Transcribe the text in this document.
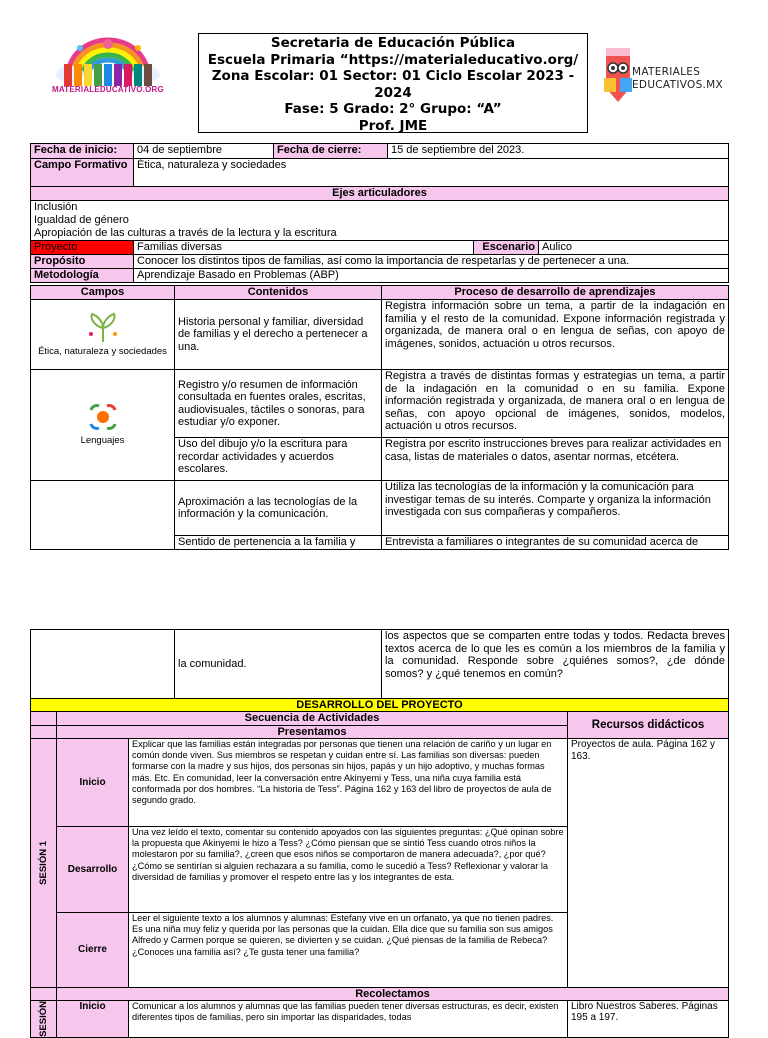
MATERIALEDUCATIVO.ORG
Secretaria de Educación Pública
Escuela Primaria “https://materialeducativo.org/
Zona Escolar: 01 Sector: 01 Ciclo Escolar 2023 -
2024
Fase: 5 Grado: 2° Grupo: “A”
Prof. JME
MATERIALES
EDUCATIVOS.MX
Fecha de inicio:	04 de septiembre	Fecha de cierre:	15 de septiembre del 2023.		
Campo Formativo	Ética, naturaleza y sociedades				
Ejes articuladores					

Inclusión
Igualdad de género
Apropiación de las culturas a través de la lectura y la escritura					

Proyecto	Familias diversas			Escenario	Aulico
Propósito	Conocer los distintos tipos de familias, así como la importancia de respetarlas y de pertenecer a una.				
Metodología	Aprendizaje Basado en Problemas (ABP)				
Campos	Contenidos	Proceso de desarrollo de aprendizajes

Ética, naturaleza y sociedades	Historia personal y familiar, diversidad de familias y el derecho a pertenecer a una.	Registra información sobre un tema, a partir de la indagación en familia y el resto de la comunidad. Expone información registrada y organizada, de manera oral o en lengua de señas, con apoyo de imágenes, sonidos, actuación u otros recursos.

Lenguajes	Registro y/o resumen de información consultada en fuentes orales, escritas, audiovisuales, táctiles o sonoras, para estudiar y/o exponer.	Registra a través de distintas formas y estrategias un tema, a partir de la indagación en la comunidad o en su familia. Expone información registrada y organizada, de manera oral o en lengua de señas, con apoyo opcional de imágenes, sonidos, modelos, actuación u otros recursos.
	Uso del dibujo y/o la escritura para recordar actividades y acuerdos escolares.	Registra por escrito instrucciones breves para realizar actividades en casa, listas de materiales o datos, asentar normas, etcétera.
	Aproximación a las tecnologías de la información y la comunicación.	Utiliza las tecnologías de la información y la comunicación para investigar temas de su interés. Comparte y organiza la información investigada con sus compañeras y compañeros.
	Sentido de pertenencia a la familia y	Entrevista a familiares o integrantes de su comunidad acerca de
	la comunidad.	los aspectos que se comparten entre todas y todos. Redacta breves textos acerca de lo que les es común a los miembros de la familia y la comunidad. Responde sobre ¿quiénes somos?, ¿de dónde somos? y ¿qué tenemos en común?
DESARROLLO DEL PROYECTO			
	Secuencia de Actividades		Recursos didácticos
	Presentamos		

SESIÓN 1	Inicio	Explicar que las familias están integradas por personas que tienen una relación de cariño y un lugar en común donde viven. Sus miembros se respetan y cuidan entre sí. Las familias son diversas: pueden formarse con la madre y sus hijos, dos personas sin hijos, papás y un hijo adoptivo, y muchas formas más. Etc. En comunidad, leer la conversación entre Akinyemi y Tess, una niña cuya familia está conformada por dos hombres. “La historia de Tess”. Página 162 y 163 del libro de proyectos de aula de segundo grado.	Proyectos de aula. Página 162 y 163.
	Desarrollo	Una vez leído el texto, comentar su contenido apoyados con las siguientes preguntas: ¿Qué opinan sobre la propuesta que Akinyemi le hizo a Tess? ¿Cómo piensan que se sintió Tess cuando otros niños la molestaron por su familia?, ¿creen que esos niños se comportaron de manera adecuada?, ¿por qué? ¿Cómo se sentirían si alguien rechazara a su familia, como le sucedió a Tess? Reflexionar y valorar la diversidad de familias y promover el respeto entre las y los integrantes de esta.	
	Cierre	Leer el siguiente texto a los alumnos y alumnas: Estefany vive en un orfanato, ya que no tienen padres. Es una niña muy feliz y querida por las personas que la cuidan. Ella dice que su familia son sus amigos Alfredo y Carmen porque se quieren, se divierten y se cuidan. ¿Qué piensas de la familia de Rebeca? ¿Conoces una familia así? ¿Te gusta tener una familia?	
	Recolectamos		

SESIÓN	Inicio	Comunicar a los alumnos y alumnas que las familias pueden tener diversas estructuras, es decir, existen diferentes tipos de familias, pero sin importar las disparidades, todas	Libro Nuestros Saberes. Páginas 195 a 197.
